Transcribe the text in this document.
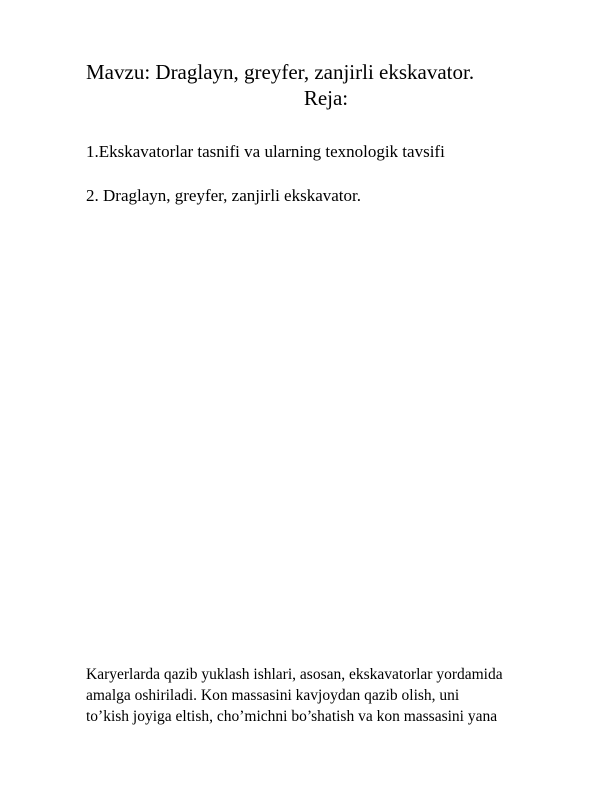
Mavzu: Draglayn, greyfer, zanjirli ekskavator.
Reja:
1.Ekskavatorlar tasnifi va ularning texnologik tavsifi
2. Draglayn, greyfer, zanjirli ekskavator.
Karyerlarda qazib yuklash ishlari, asosan, ekskavatorlar yordamida
amalga oshiriladi. Kon massasini kavjoydan qazib olish, uni
to’kish joyiga eltish, cho’michni bo’shatish va kon massasini yana
